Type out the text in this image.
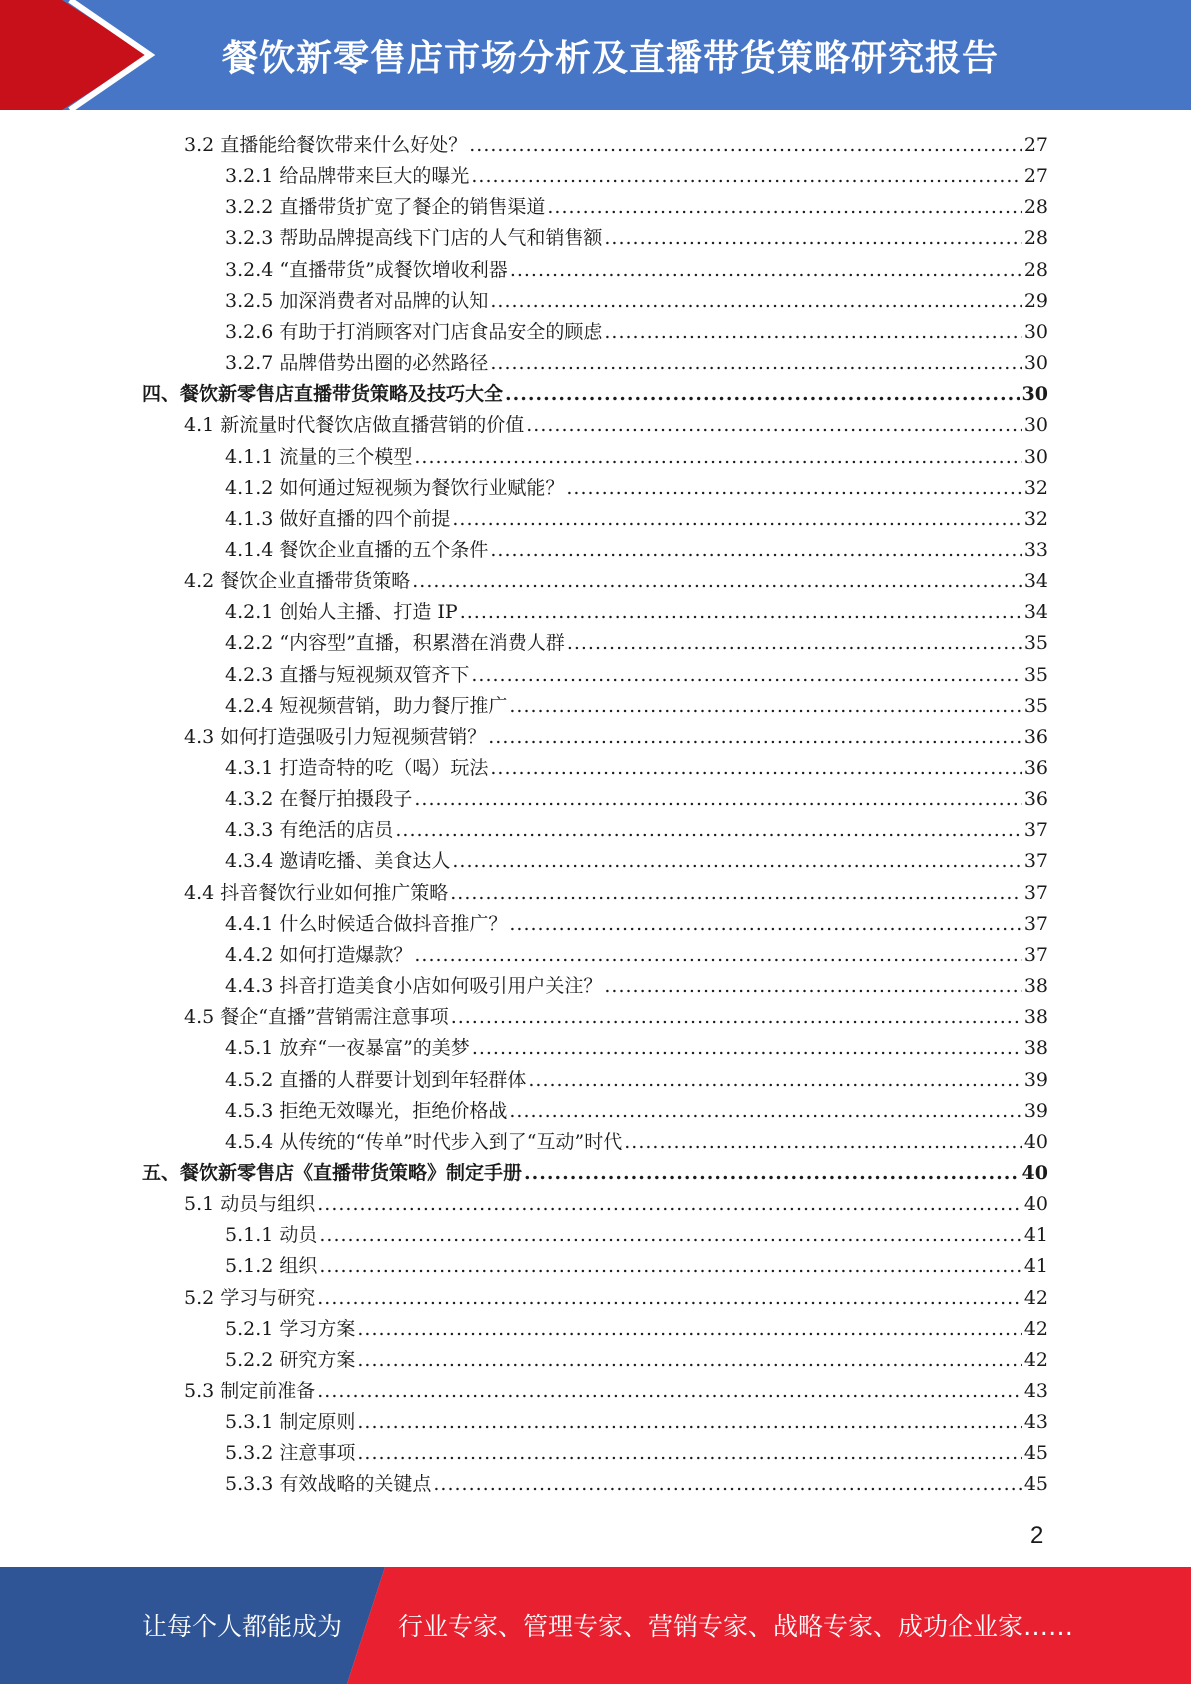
餐饮新零售店市场分析及直播带货策略研究报告
3.2 直播能给餐饮带来什么好处？ .....	27
3.2.1 给品牌带来巨大的曝光 .....	27
3.2.2 直播带货扩宽了餐企的销售渠道 .....	28
3.2.3 帮助品牌提高线下门店的人气和销售额 .....	28
3.2.4 “直播带货”成餐饮增收利器 .....	28
3.2.5 加深消费者对品牌的认知 .....	29
3.2.6 有助于打消顾客对门店食品安全的顾虑 .....	30
3.2.7 品牌借势出圈的必然路径 .....	30
四、餐饮新零售店直播带货策略及技巧大全 .....	30
4.1 新流量时代餐饮店做直播营销的价值 .....	30
4.1.1 流量的三个模型 .....	30
4.1.2 如何通过短视频为餐饮行业赋能？ .....	32
4.1.3 做好直播的四个前提 .....	32
4.1.4 餐饮企业直播的五个条件 .....	33
4.2 餐饮企业直播带货策略 .....	34
4.2.1 创始人主播、打造 IP .....	34
4.2.2 “内容型”直播，积累潜在消费人群 .....	35
4.2.3 直播与短视频双管齐下 .....	35
4.2.4 短视频营销，助力餐厅推广 .....	35
4.3 如何打造强吸引力短视频营销？ .....	36
4.3.1 打造奇特的吃（喝）玩法 .....	36
4.3.2 在餐厅拍摄段子 .....	36
4.3.3 有绝活的店员 .....	37
4.3.4 邀请吃播、美食达人 .....	37
4.4 抖音餐饮行业如何推广策略 .....	37
4.4.1 什么时候适合做抖音推广？ .....	37
4.4.2 如何打造爆款？ .....	37
4.4.3 抖音打造美食小店如何吸引用户关注？ .....	38
4.5 餐企“直播”营销需注意事项 .....	38
4.5.1 放弃“一夜暴富”的美梦 .....	38
4.5.2 直播的人群要计划到年轻群体 .....	39
4.5.3 拒绝无效曝光，拒绝价格战 .....	39
4.5.4 从传统的“传单”时代步入到了“互动”时代 .....	40
五、餐饮新零售店《直播带货策略》制定手册 .....	40
5.1 动员与组织 .....	40
5.1.1 动员 .....	41
5.1.2 组织 .....	41
5.2 学习与研究 .....	42
5.2.1 学习方案 .....	42
5.2.2 研究方案 .....	42
5.3 制定前准备 .....	43
5.3.1 制定原则 .....	43
5.3.2 注意事项 .....	45
5.3.3 有效战略的关键点 .....	45
2
让每个人都能成为 行业专家、管理专家、营销专家、战略专家、成功企业家……
